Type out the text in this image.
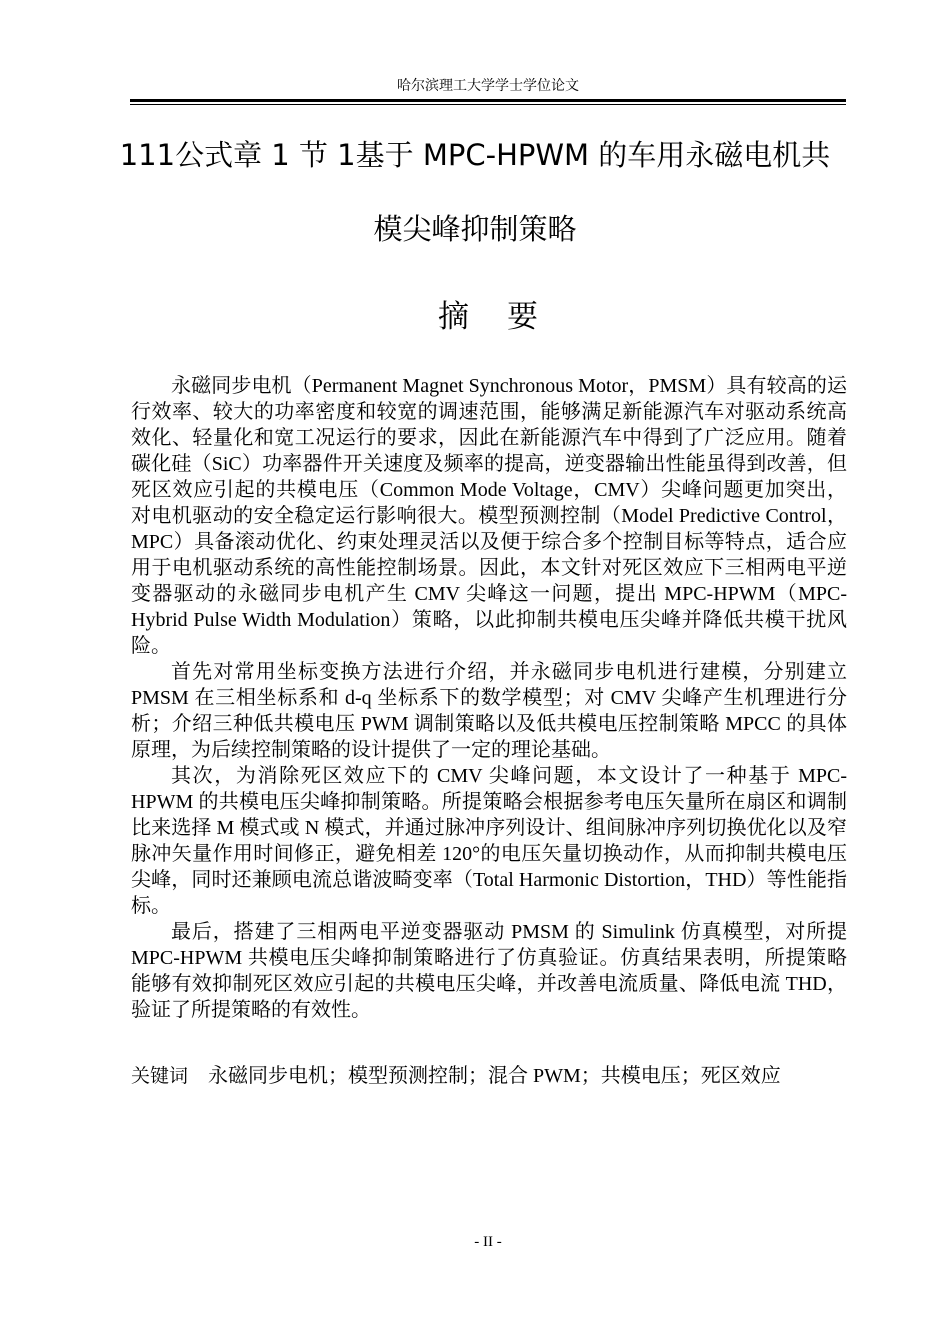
哈尔滨理工大学学士学位论文
111公式章 1 节 1基于 MPC-HPWM 的车用永磁电机共
模尖峰抑制策略
摘要

永磁同步电机（Permanent Magnet Synchronous Motor，PMSM）具有较高的运行效率、较大的功率密度和较宽的调速范围，能够满足新能源汽车对驱动系统高效化、轻量化和宽工况运行的要求，因此在新能源汽车中得到了广泛应用。随着碳化硅（SiC）功率器件开关速度及频率的提高，逆变器输出性能虽得到改善，但死区效应引起的共模电压（Common Mode Voltage，CMV）尖峰问题更加突出，对电机驱动的安全稳定运行影响很大。模型预测控制（Model Predictive Control，MPC）具备滚动优化、约束处理灵活以及便于综合多个控制目标等特点，适合应用于电机驱动系统的高性能控制场景。因此，本文针对死区效应下三相两电平逆变器驱动的永磁同步电机产生 CMV 尖峰这一问题，提出 MPC-HPWM（MPC-Hybrid Pulse Width Modulation）策略，以此抑制共模电压尖峰并降低共模干扰风险。

首先对常用坐标变换方法进行介绍，并永磁同步电机进行建模，分别建立 PMSM 在三相坐标系和 d-q 坐标系下的数学模型；对 CMV 尖峰产生机理进行分析；介绍三种低共模电压 PWM 调制策略以及低共模电压控制策略 MPCC 的具体原理，为后续控制策略的设计提供了一定的理论基础。

其次，为消除死区效应下的 CMV 尖峰问题，本文设计了一种基于 MPC-HPWM 的共模电压尖峰抑制策略。所提策略会根据参考电压矢量所在扇区和调制比来选择 M 模式或 N 模式，并通过脉冲序列设计、组间脉冲序列切换优化以及窄脉冲矢量作用时间修正，避免相差 120°的电压矢量切换动作，从而抑制共模电压尖峰，同时还兼顾电流总谐波畸变率（Total Harmonic Distortion，THD）等性能指标。

最后，搭建了三相两电平逆变器驱动 PMSM 的 Simulink 仿真模型，对所提 MPC-HPWM 共模电压尖峰抑制策略进行了仿真验证。仿真结果表明，所提策略能够有效抑制死区效应引起的共模电压尖峰，并改善电流质量、降低电流 THD，验证了所提策略的有效性。

关键词 永磁同步电机；模型预测控制；混合 PWM；共模电压；死区效应
- II -
